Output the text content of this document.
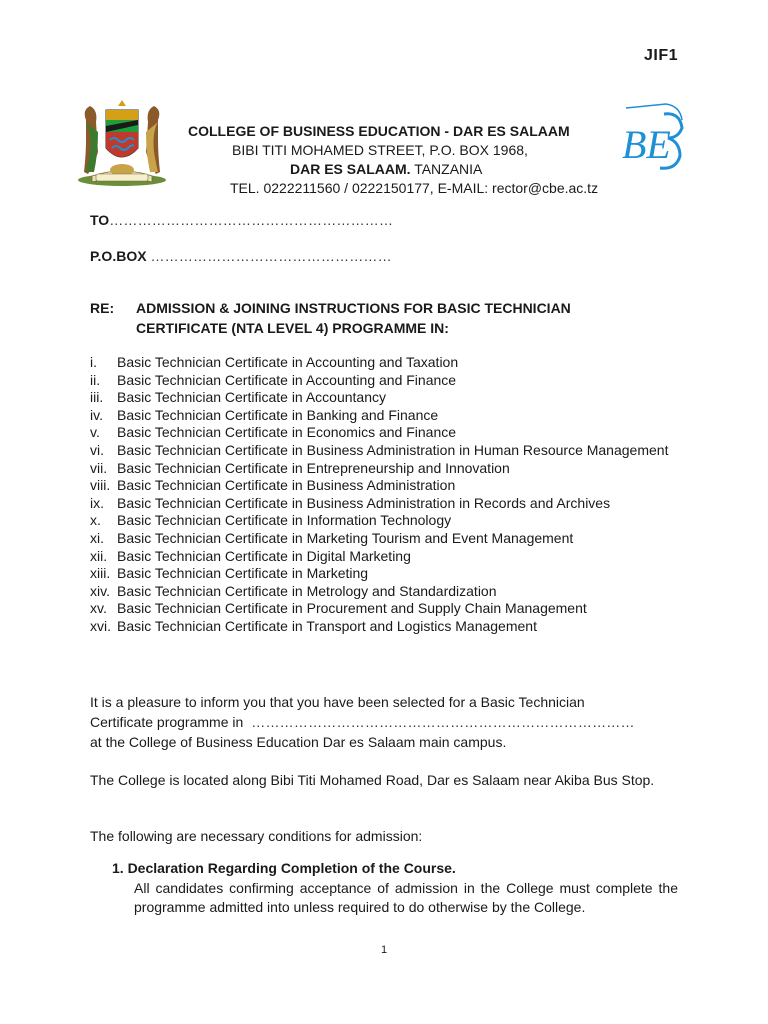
JIF1
BE
COLLEGE OF BUSINESS EDUCATION - DAR ES SALAAM
BIBI TITI MOHAMED STREET, P.O. BOX 1968,
DAR ES SALAAM. TANZANIA
TEL. 0222211560 / 0222150177, E-MAIL: rector@cbe.ac.tz
TO……………………………………………………
P.O.BOX ……………………………………………
RE: ADMISSION & JOINING INSTRUCTIONS FOR BASIC TECHNICIAN
CERTIFICATE (NTA LEVEL 4) PROGRAMME IN:
i.	Basic Technician Certificate in Accounting and Taxation
ii.	Basic Technician Certificate in Accounting and Finance
iii. Basic Technician Certificate in Accountancy
iv.	Basic Technician Certificate in Banking and Finance
v.	Basic Technician Certificate in Economics and Finance
vi. Basic Technician Certificate in Business Administration in Human Resource Management
vii. Basic Technician Certificate in Entrepreneurship and Innovation
viii. Basic Technician Certificate in Business Administration
ix. Basic Technician Certificate in Business Administration in Records and Archives
x.	Basic Technician Certificate in Information Technology
xi. Basic Technician Certificate in Marketing Tourism and Event Management
xii. Basic Technician Certificate in Digital Marketing
xiii. Basic Technician Certificate in Marketing
xiv. Basic Technician Certificate in Metrology and Standardization
xv. Basic Technician Certificate in Procurement and Supply Chain Management
xvi. Basic Technician Certificate in Transport and Logistics Management
It is a pleasure to inform you that you have been selected for a Basic Technician
Certificate programme in ………………………………………………………………………
at the College of Business Education Dar es Salaam main campus.
The College is located along Bibi Titi Mohamed Road, Dar es Salaam near Akiba Bus Stop.
The following are necessary conditions for admission:
1. Declaration Regarding Completion of the Course.
All candidates confirming acceptance of admission in the College must complete the programme admitted into unless required to do otherwise by the College.
1
